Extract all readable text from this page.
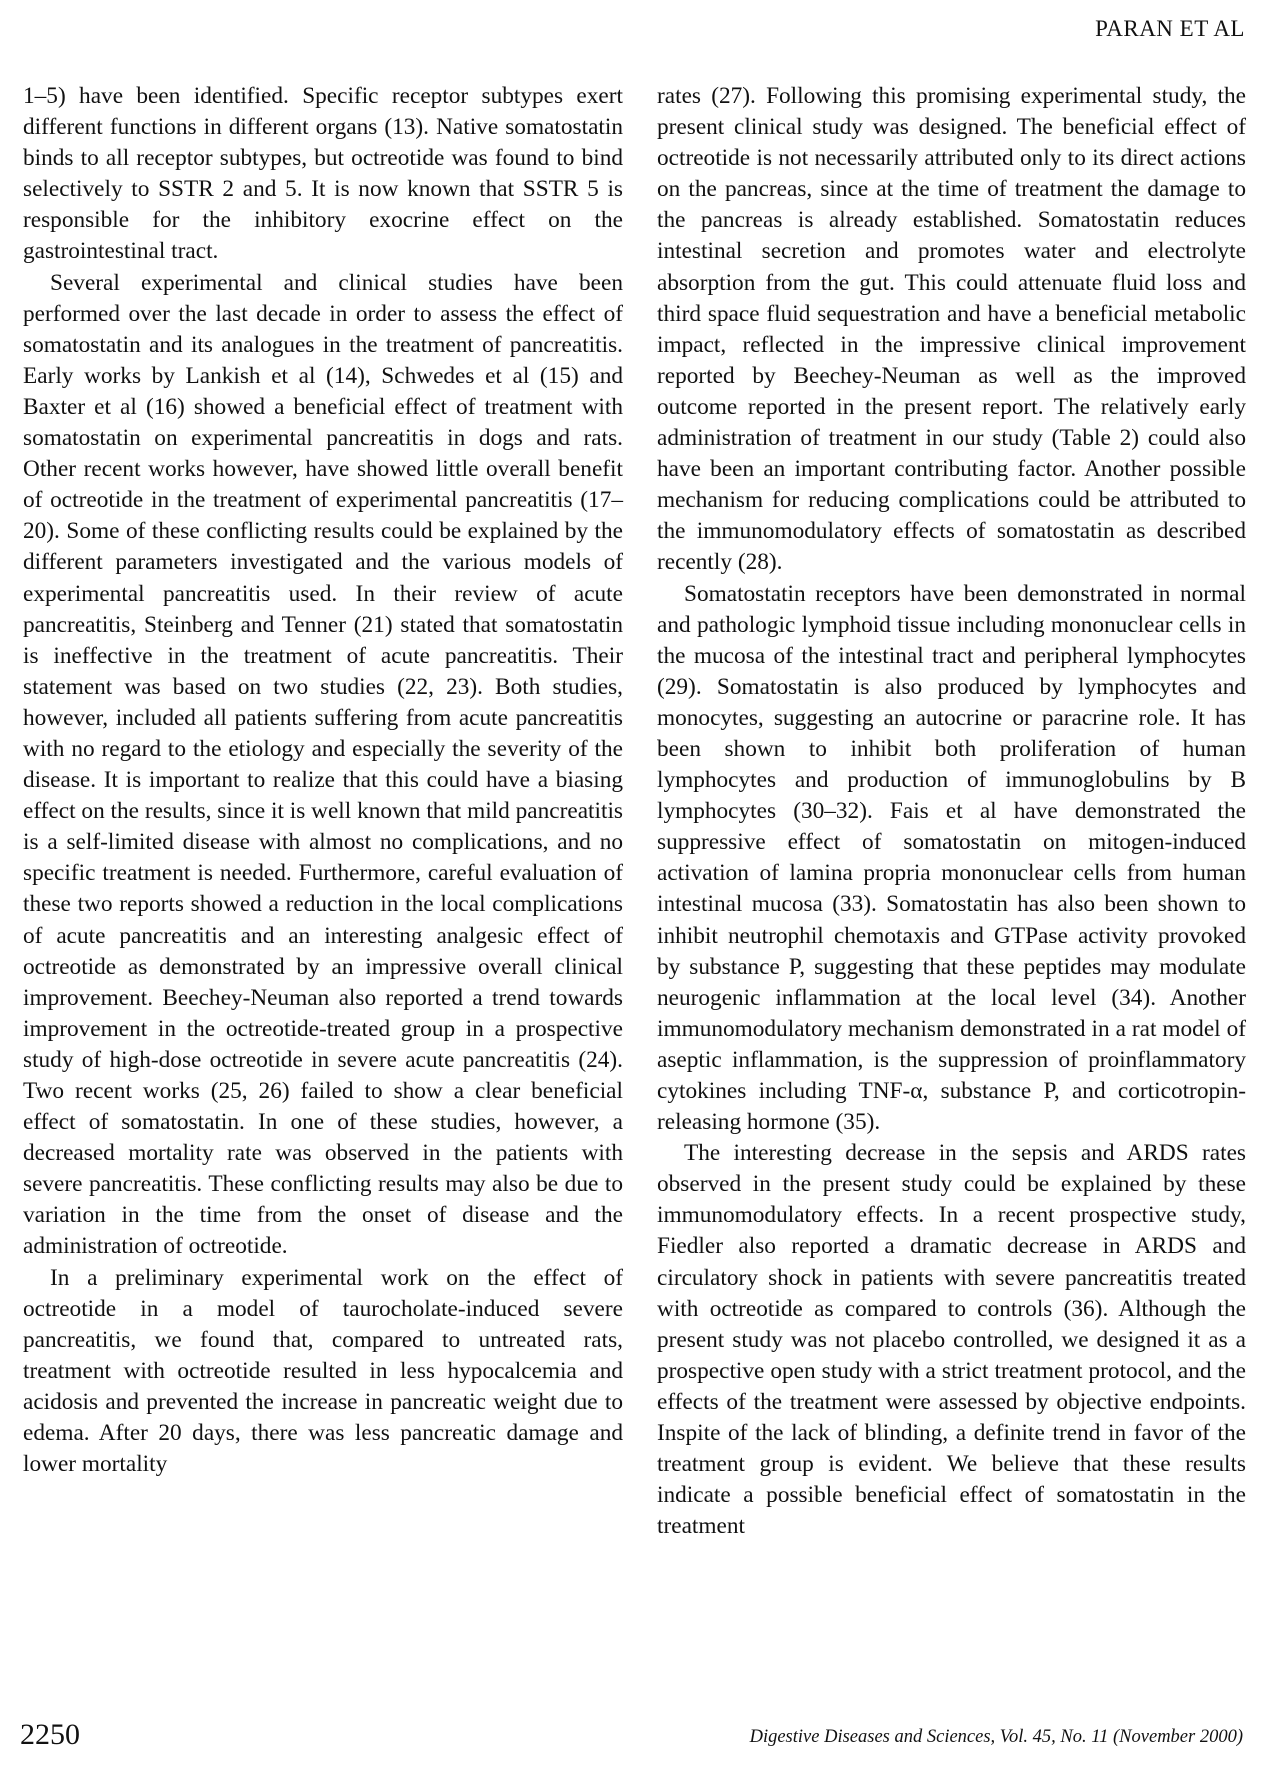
PARAN ET AL

1–5) have been identified. Specific receptor subtypes exert different functions in different organs (13). Native somatostatin binds to all receptor subtypes, but octreotide was found to bind selectively to SSTR 2 and 5. It is now known that SSTR 5 is responsible for the inhibitory exocrine effect on the gastrointestinal tract.

Several experimental and clinical studies have been performed over the last decade in order to assess the effect of somatostatin and its analogues in the treatment of pancreatitis. Early works by Lankish et al (14), Schwedes et al (15) and Baxter et al (16) showed a beneficial effect of treatment with somatostatin on experimental pancreatitis in dogs and rats. Other recent works however, have showed little overall benefit of octreotide in the treatment of experimental pancreatitis (17–20). Some of these conflicting results could be explained by the different parameters investigated and the various models of experimental pancreatitis used. In their review of acute pancreatitis, Steinberg and Tenner (21) stated that somatostatin is ineffective in the treatment of acute pancreatitis. Their statement was based on two studies (22, 23). Both studies, however, included all patients suffering from acute pancreatitis with no regard to the etiology and especially the severity of the disease. It is important to realize that this could have a biasing effect on the results, since it is well known that mild pancreatitis is a self-limited disease with almost no complications, and no specific treatment is needed. Furthermore, careful evaluation of these two reports showed a reduction in the local complications of acute pancreatitis and an interesting analgesic effect of octreotide as demonstrated by an impressive overall clinical improvement. Beechey-Neuman also reported a trend towards improvement in the octreotide-treated group in a prospective study of high-dose octreotide in severe acute pancreatitis (24). Two recent works (25, 26) failed to show a clear beneficial effect of somatostatin. In one of these studies, however, a decreased mortality rate was observed in the patients with severe pancreatitis. These conflicting results may also be due to variation in the time from the onset of disease and the administration of octreotide.

In a preliminary experimental work on the effect of octreotide in a model of taurocholate-induced severe pancreatitis, we found that, compared to untreated rats, treatment with octreotide resulted in less hypocalcemia and acidosis and prevented the increase in pancreatic weight due to edema. After 20 days, there was less pancreatic damage and lower mortality

rates (27). Following this promising experimental study, the present clinical study was designed. The beneficial effect of octreotide is not necessarily attributed only to its direct actions on the pancreas, since at the time of treatment the damage to the pancreas is already established. Somatostatin reduces intestinal secretion and promotes water and electrolyte absorption from the gut. This could attenuate fluid loss and third space fluid sequestration and have a beneficial metabolic impact, reflected in the impressive clinical improvement reported by Beechey-Neuman as well as the improved outcome reported in the present report. The relatively early administration of treatment in our study (Table 2) could also have been an important contributing factor. Another possible mechanism for reducing complications could be attributed to the immunomodulatory effects of somatostatin as described recently (28).

Somatostatin receptors have been demonstrated in normal and pathologic lymphoid tissue including mononuclear cells in the mucosa of the intestinal tract and peripheral lymphocytes (29). Somatostatin is also produced by lymphocytes and monocytes, suggesting an autocrine or paracrine role. It has been shown to inhibit both proliferation of human lymphocytes and production of immunoglobulins by B lymphocytes (30–32). Fais et al have demonstrated the suppressive effect of somatostatin on mitogen-induced activation of lamina propria mononuclear cells from human intestinal mucosa (33). Somatostatin has also been shown to inhibit neutrophil chemotaxis and GTPase activity provoked by substance P, suggesting that these peptides may modulate neurogenic inflammation at the local level (34). Another immunomodulatory mechanism demonstrated in a rat model of aseptic inflammation, is the suppression of proinflammatory cytokines including TNF-α, substance P, and corticotropin-releasing hormone (35).

The interesting decrease in the sepsis and ARDS rates observed in the present study could be explained by these immunomodulatory effects. In a recent prospective study, Fiedler also reported a dramatic decrease in ARDS and circulatory shock in patients with severe pancreatitis treated with octreotide as compared to controls (36). Although the present study was not placebo controlled, we designed it as a prospective open study with a strict treatment protocol, and the effects of the treatment were assessed by objective endpoints. Inspite of the lack of blinding, a definite trend in favor of the treatment group is evident. We believe that these results indicate a possible beneficial effect of somatostatin in the treatment

2250	Digestive Diseases and Sciences, Vol. 45, No. 11 (November 2000)
